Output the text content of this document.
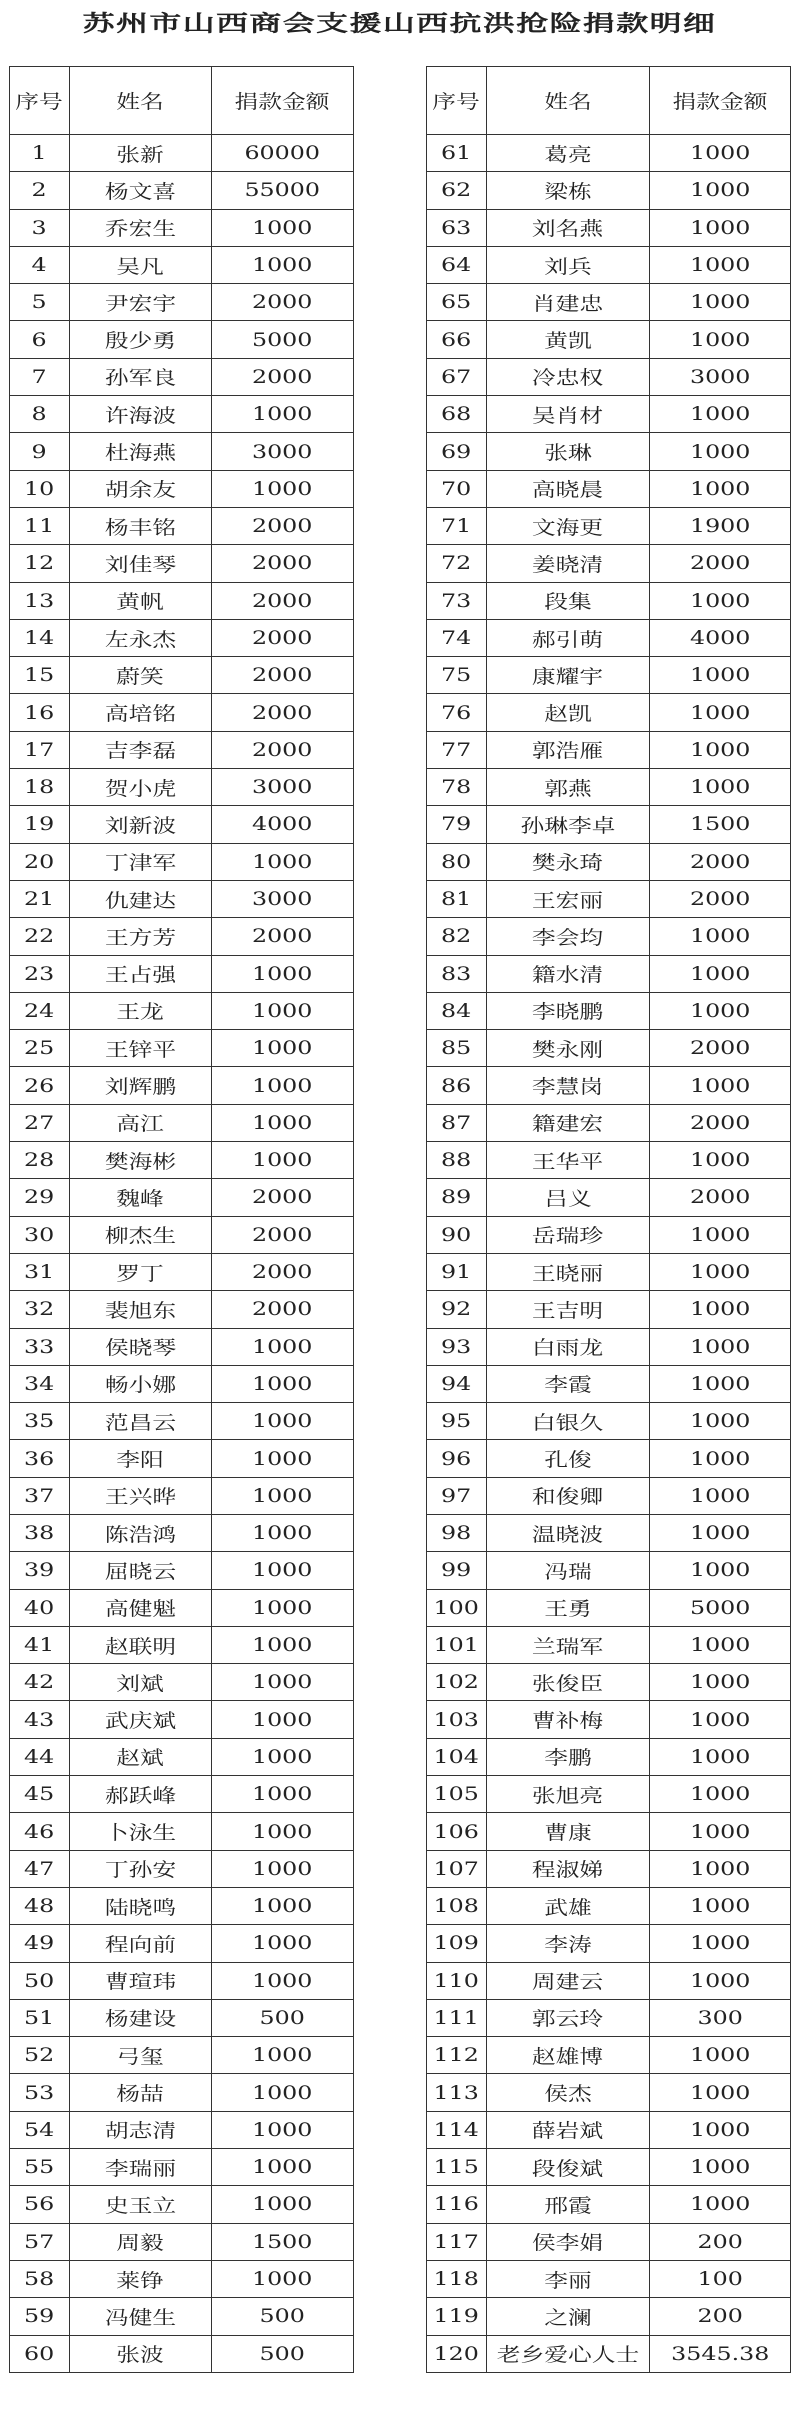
苏州市山西商会支援山西抗洪抢险捐款明细
序号	姓名	捐款金额
1	张新	60000
2	杨文喜	55000
3	乔宏生	1000
4	吴凡	1000
5	尹宏宇	2000
6	殷少勇	5000
7	孙军良	2000
8	许海波	1000
9	杜海燕	3000
10	胡余友	1000
11	杨丰铭	2000
12	刘佳琴	2000
13	黄帆	2000
14	左永杰	2000
15	蔚笑	2000
16	高培铭	2000
17	吉李磊	2000
18	贺小虎	3000
19	刘新波	4000
20	丁津军	1000
21	仇建达	3000
22	王方芳	2000
23	王占强	1000
24	王龙	1000
25	王锌平	1000
26	刘辉鹏	1000
27	高江	1000
28	樊海彬	1000
29	魏峰	2000
30	柳杰生	2000
31	罗丁	2000
32	裴旭东	2000
33	侯晓琴	1000
34	畅小娜	1000
35	范昌云	1000
36	李阳	1000
37	王兴晔	1000
38	陈浩鸿	1000
39	屈晓云	1000
40	高健魁	1000
41	赵联明	1000
42	刘斌	1000
43	武庆斌	1000
44	赵斌	1000
45	郝跃峰	1000
46	卜泳生	1000
47	丁孙安	1000
48	陆晓鸣	1000
49	程向前	1000
50	曹瑄玮	1000
51	杨建设	500
52	弓玺	1000
53	杨喆	1000
54	胡志清	1000
55	李瑞丽	1000
56	史玉立	1000
57	周毅	1500
58	莱铮	1000
59	冯健生	500
60	张波	500
序号	姓名	捐款金额
61	葛亮	1000
62	梁栋	1000
63	刘名燕	1000
64	刘兵	1000
65	肖建忠	1000
66	黄凯	1000
67	冷忠权	3000
68	吴肖材	1000
69	张琳	1000
70	高晓晨	1000
71	文海更	1900
72	姜晓清	2000
73	段集	1000
74	郝引萌	4000
75	康耀宇	1000
76	赵凯	1000
77	郭浩雁	1000
78	郭燕	1000
79	孙琳李卓	1500
80	樊永琦	2000
81	王宏丽	2000
82	李会均	1000
83	籍水清	1000
84	李晓鹏	1000
85	樊永刚	2000
86	李慧岗	1000
87	籍建宏	2000
88	王华平	1000
89	吕义	2000
90	岳瑞珍	1000
91	王晓丽	1000
92	王吉明	1000
93	白雨龙	1000
94	李霞	1000
95	白银久	1000
96	孔俊	1000
97	和俊卿	1000
98	温晓波	1000
99	冯瑞	1000
100	王勇	5000
101	兰瑞军	1000
102	张俊臣	1000
103	曹补梅	1000
104	李鹏	1000
105	张旭亮	1000
106	曹康	1000
107	程淑娣	1000
108	武雄	1000
109	李涛	1000
110	周建云	1000
111	郭云玲	300
112	赵雄博	1000
113	侯杰	1000
114	薛岩斌	1000
115	段俊斌	1000
116	邢霞	1000
117	侯李娟	200
118	李丽	100
119	之澜	200
120	老乡爱心人士	3545.38
